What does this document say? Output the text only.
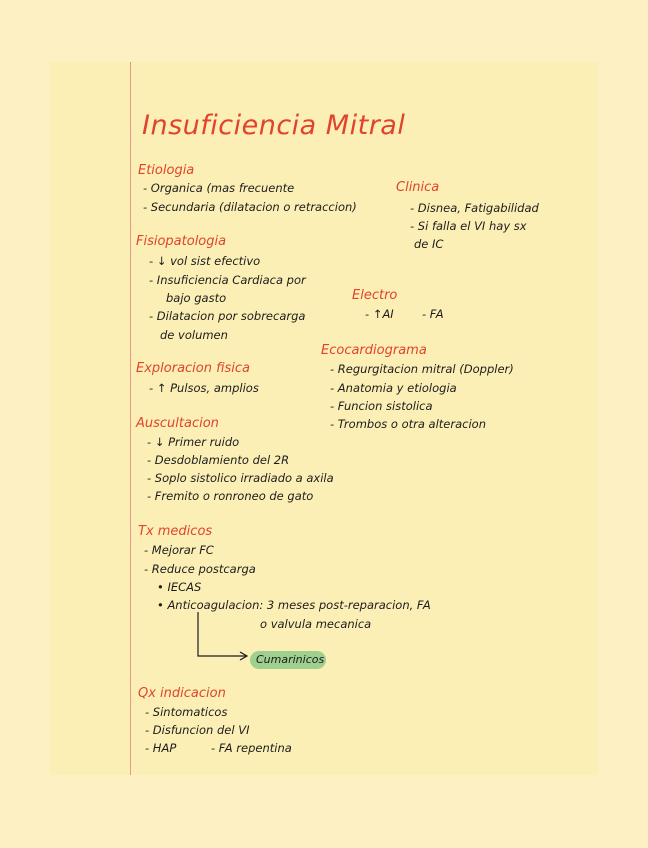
Insuficiencia Mitral
Etiologia
- Organica (mas frecuente
- Secundaria (dilatacion o retraccion)
Clinica
- Disnea, Fatigabilidad
- Si falla el VI hay sx
de IC
Fisiopatologia
- ↓ vol sist efectivo
- Insuficiencia Cardiaca por
bajo gasto
- Dilatacion por sobrecarga
de volumen
Electro
- ↑AI - FA
Ecocardiograma
- Regurgitacion mitral (Doppler)
- Anatomia y etiologia
- Funcion sistolica
- Trombos o otra alteracion
Exploracion fisica
- ↑ Pulsos, amplios
Auscultacion
- ↓ Primer ruido
- Desdoblamiento del 2R
- Soplo sistolico irradiado a axila
- Fremito o ronroneo de gato
Tx medicos
- Mejorar FC
- Reduce postcarga
• IECAS
• Anticoagulacion: 3 meses post-reparacion, FA
o valvula mecanica
Cumarinicos
Qx indicacion
- Sintomaticos
- Disfuncion del VI
- HAP	- FA repentina
